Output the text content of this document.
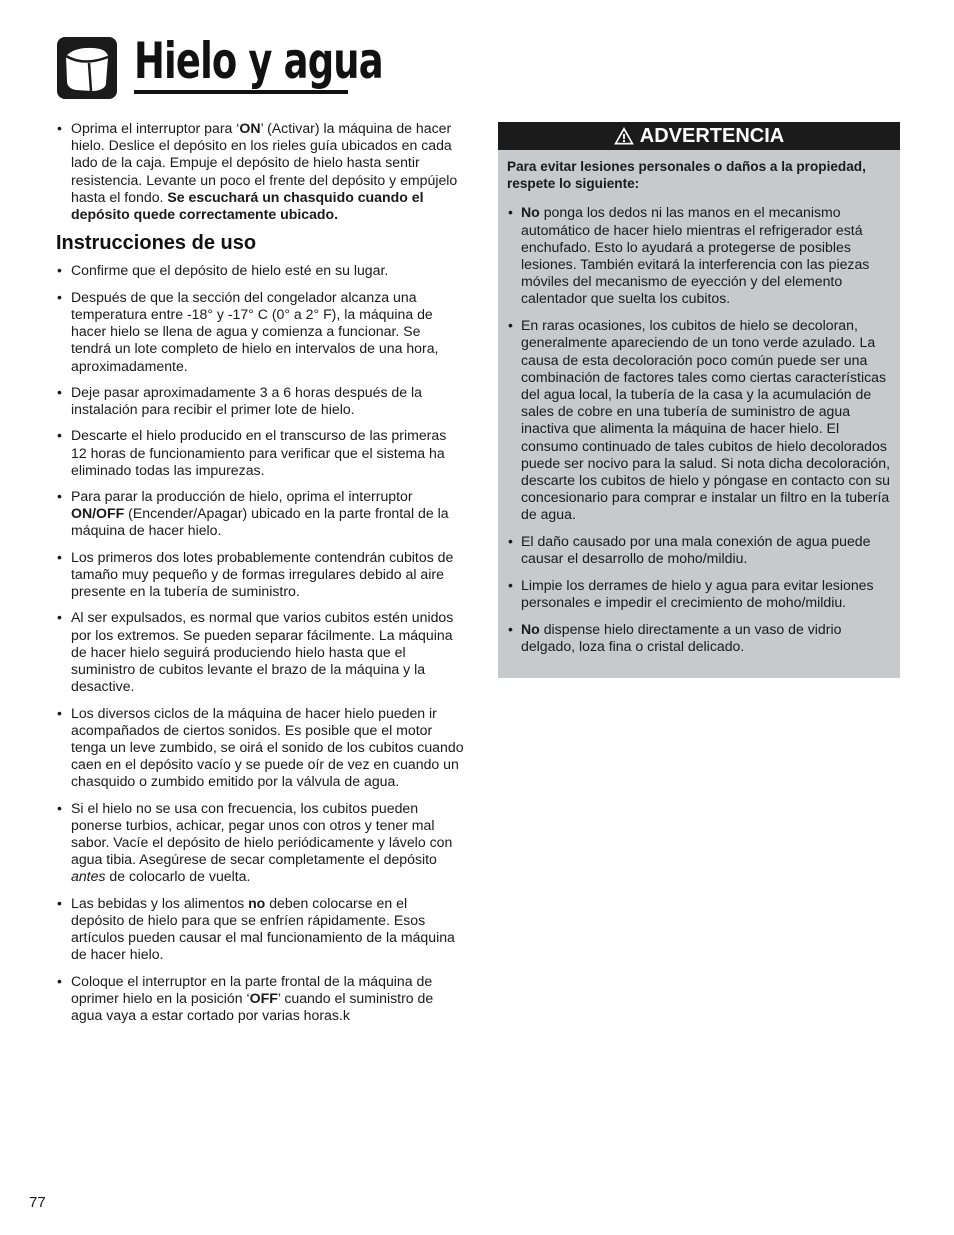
Hielo y agua
• Oprima el interruptor para ‘ON’ (Activar) la máquina de hacer hielo. Deslice el depósito en los rieles guía ubicados en cada lado de la caja. Empuje el depósito de hielo hasta sentir resistencia. Levante un poco el frente del depósito y empújelo hasta el fondo. Se escuchará un chasquido cuando el depósito quede correctamente ubicado.
Instrucciones de uso
• Confirme que el depósito de hielo esté en su lugar.
• Después de que la sección del congelador alcanza una temperatura entre -18° y -17° C (0° a 2° F), la máquina de hacer hielo se llena de agua y comienza a funcionar. Se tendrá un lote completo de hielo en intervalos de una hora, aproximadamente.
• Deje pasar aproximadamente 3 a 6 horas después de la instalación para recibir el primer lote de hielo.
• Descarte el hielo producido en el transcurso de las primeras 12 horas de funcionamiento para verificar que el sistema ha eliminado todas las impurezas.
• Para parar la producción de hielo, oprima el interruptor ON/OFF (Encender/Apagar) ubicado en la parte frontal de la máquina de hacer hielo.
• Los primeros dos lotes probablemente contendrán cubitos de tamaño muy pequeño y de formas irregulares debido al aire presente en la tubería de suministro.
• Al ser expulsados, es normal que varios cubitos estén unidos por los extremos. Se pueden separar fácilmente. La máquina de hacer hielo seguirá produciendo hielo hasta que el suministro de cubitos levante el brazo de la máquina y la desactive.
• Los diversos ciclos de la máquina de hacer hielo pueden ir acompañados de ciertos sonidos. Es posible que el motor tenga un leve zumbido, se oirá el sonido de los cubitos cuando caen en el depósito vacío y se puede oír de vez en cuando un chasquido o zumbido emitido por la válvula de agua.
• Si el hielo no se usa con frecuencia, los cubitos pueden ponerse turbios, achicar, pegar unos con otros y tener mal sabor. Vacíe el depósito de hielo periódicamente y lávelo con agua tibia. Asegúrese de secar completamente el depósito antes de colocarlo de vuelta.
• Las bebidas y los alimentos no deben colocarse en el depósito de hielo para que se enfríen rápidamente. Esos artículos pueden causar el mal funcionamiento de la máquina de hacer hielo.
• Coloque el interruptor en la parte frontal de la máquina de oprimer hielo en la posición ‘OFF’ cuando el suministro de agua vaya a estar cortado por varias horas.k
ADVERTENCIA
Para evitar lesiones personales o daños a la propiedad, respete lo siguiente:
• No ponga los dedos ni las manos en el mecanismo automático de hacer hielo mientras el refrigerador está enchufado. Esto lo ayudará a protegerse de posibles lesiones. También evitará la interferencia con las piezas móviles del mecanismo de eyección y del elemento calentador que suelta los cubitos.
• En raras ocasiones, los cubitos de hielo se decoloran, generalmente apareciendo de un tono verde azulado. La causa de esta decoloración poco común puede ser una combinación de factores tales como ciertas características del agua local, la tubería de la casa y la acumulación de sales de cobre en una tubería de suministro de agua inactiva que alimenta la máquina de hacer hielo. El consumo continuado de tales cubitos de hielo decolorados puede ser nocivo para la salud. Si nota dicha decoloración, descarte los cubitos de hielo y póngase en contacto con su concesionario para comprar e instalar un filtro en la tubería de agua.
• El daño causado por una mala conexión de agua puede causar el desarrollo de moho/mildiu.
• Limpie los derrames de hielo y agua para evitar lesiones personales e impedir el crecimiento de moho/mildiu.
• No dispense hielo directamente a un vaso de vidrio delgado, loza fina o cristal delicado.
77
